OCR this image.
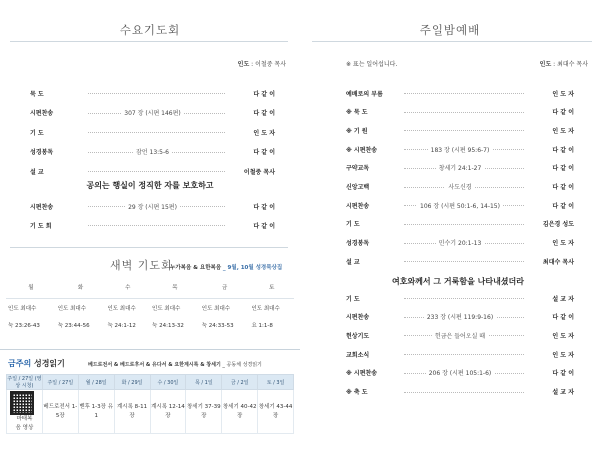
수요기도회
인도 : 이철중 목사
묵 도	다 같 이
시편찬송	307 장 (시편 146편)	다 같 이
기 도	인 도 자
성경봉독	잠언 13:5-6	다 같 이
설 교	이철중 목사
공의는 행실이 정직한 자를 보호하고
시편찬송	29 장 (시편 15편)	다 같 이
기 도 회	다 같 이
새벽 기도회
누가복음 & 요한복음 _ 9월, 10월 성경묵상집
월	화	수	목	금	토
인도 최대수	인도 최대수	인도 최대수	인도 최대수	인도 최대수	인도 최대수
눅 23:26-43	눅 23:44-56	눅 24:1-12	눅 24:13-32	눅 24:33-53	요 1:1-8
금주의 성경읽기	베드로전서 & 베드로후서 & 유다서 & 요한계시록 & 창세기 _ 공동체 성경읽기
주일 / 27일 (영상 시청)	주일 / 27일	월 / 28일	화 / 29일	수 / 30일	목 / 1일	금 / 2일	토 / 3일
마태복음 영상	베드로전서 1-5장	벧후 1-3장 유 1	계시록 8-11장	계시록 12-14장	창세기 37-39장	창세기 40-42장	창세기 43-44장
주일밤예배
※ 표는 일어섭니다.	인도 : 최대수 목사
예배로의 부름	인 도 자
※ 묵 도	다 같 이
※ 기 원	인 도 자
※ 시편찬송	183 장 (시편 95:6-7)	다 같 이
구약교독	창세기 24:1-27	다 같 이
신앙고백	사도신경	다 같 이
시편찬송	106 장 (시편 50:1-6, 14-15)	다 같 이
기 도	김은경 성도
성경봉독	민수기 20:1-13	인 도 자
설 교	최대수 목사
여호와께서 그 거룩함을 나타내셨더라
기 도	설 교 자
시편찬송	233 장 (시편 119:9-16)	다 같 이
헌상기도	헌금은 들어오실 때	인 도 자
교회소식	인 도 자
※ 시편찬송	206 장 (시편 105:1-6)	다 같 이
※ 축 도	설 교 자
